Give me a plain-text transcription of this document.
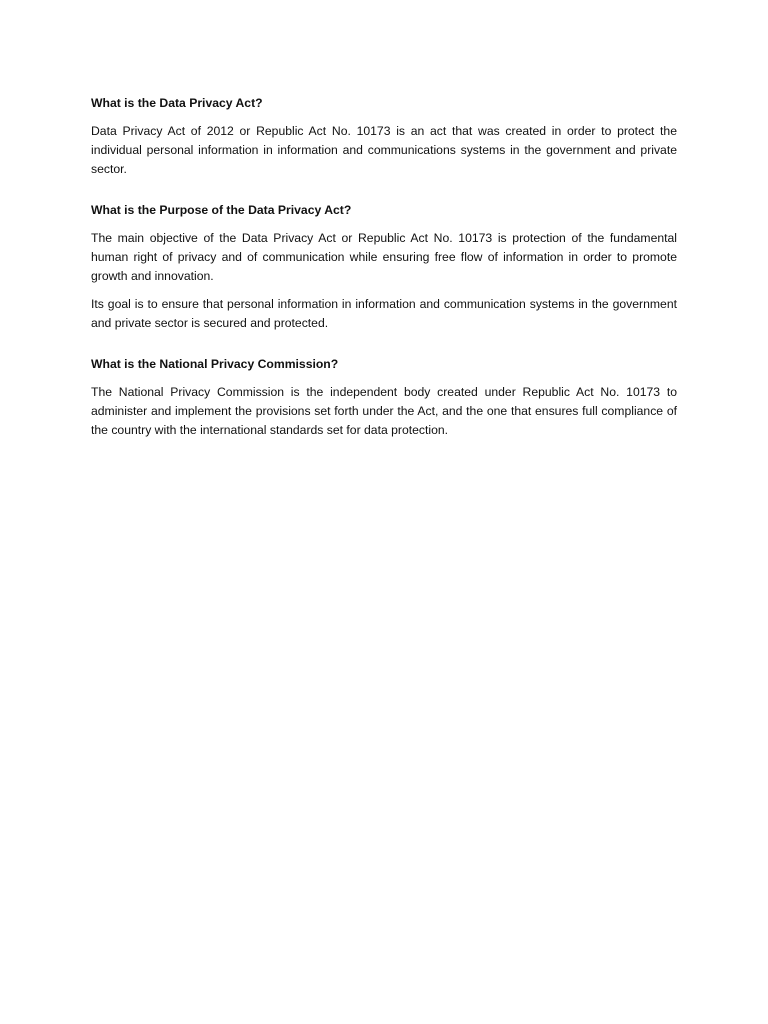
What is the Data Privacy Act?

Data Privacy Act of 2012 or Republic Act No. 10173 is an act that was created in order to protect the individual personal information in information and communications systems in the government and private sector.

What is the Purpose of the Data Privacy Act?

The main objective of the Data Privacy Act or Republic Act No. 10173 is protection of the fundamental human right of privacy and of communication while ensuring free flow of information in order to promote growth and innovation.

Its goal is to ensure that personal information in information and communication systems in the government and private sector is secured and protected.

What is the National Privacy Commission?

The National Privacy Commission is the independent body created under Republic Act No. 10173 to administer and implement the provisions set forth under the Act, and the one that ensures full compliance of the country with the international standards set for data protection.
